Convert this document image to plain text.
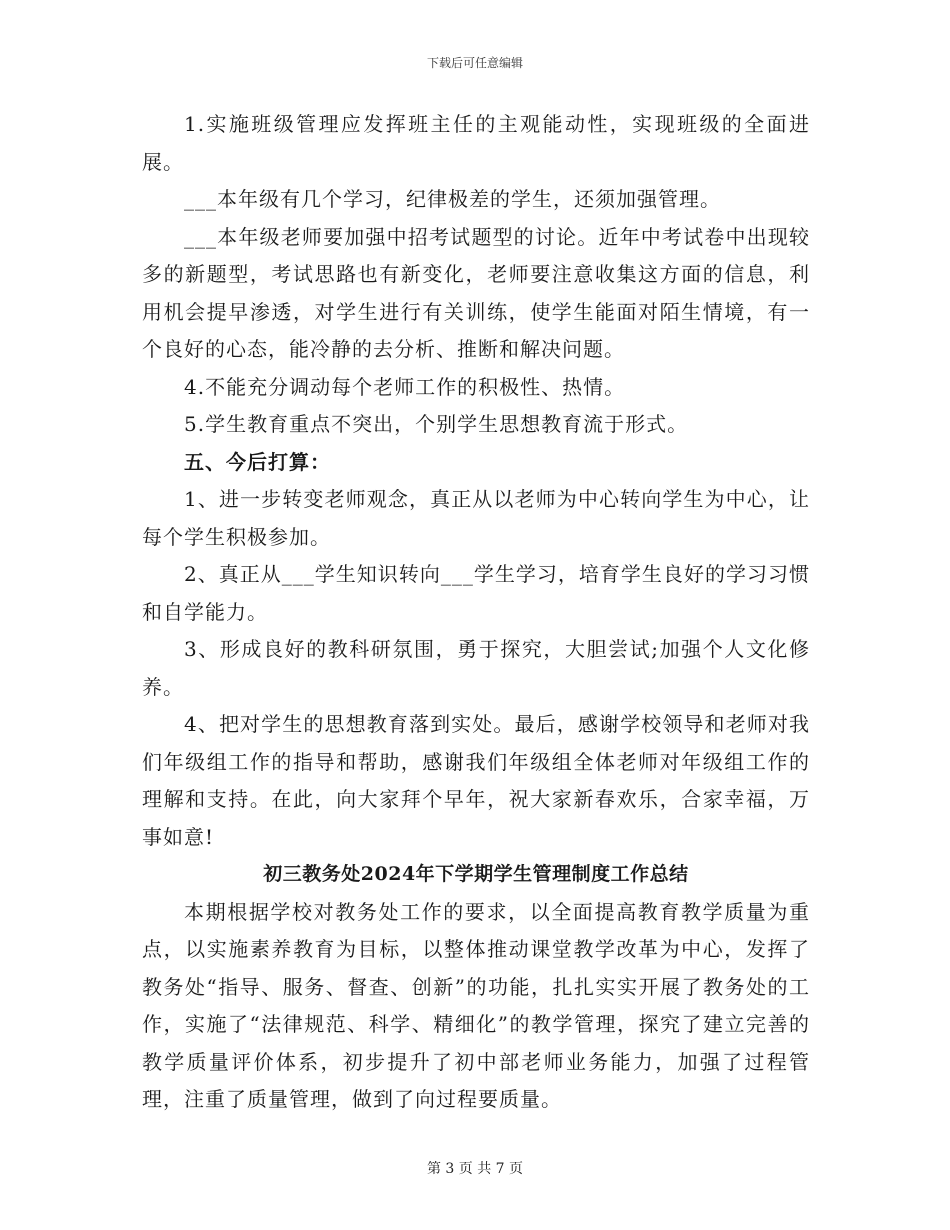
下载后可任意编辑

1.实施班级管理应发挥班主任的主观能动性，实现班级的全面进展。

___本年级有几个学习，纪律极差的学生，还须加强管理。

___本年级老师要加强中招考试题型的讨论。近年中考试卷中出现较多的新题型，考试思路也有新变化，老师要注意收集这方面的信息，利用机会提早渗透，对学生进行有关训练，使学生能面对陌生情境，有一个良好的心态，能冷静的去分析、推断和解决问题。

4.不能充分调动每个老师工作的积极性、热情。

5.学生教育重点不突出，个别学生思想教育流于形式。

五、今后打算：

1、进一步转变老师观念，真正从以老师为中心转向学生为中心，让每个学生积极参加。

2、真正从___学生知识转向___学生学习，培育学生良好的学习习惯和自学能力。

3、形成良好的教科研氛围，勇于探究，大胆尝试;加强个人文化修养。

4、把对学生的思想教育落到实处。最后，感谢学校领导和老师对我们年级组工作的指导和帮助，感谢我们年级组全体老师对年级组工作的理解和支持。在此，向大家拜个早年，祝大家新春欢乐，合家幸福，万事如意!

初三教务处2024年下学期学生管理制度工作总结

本期根据学校对教务处工作的要求，以全面提高教育教学质量为重点，以实施素养教育为目标，以整体推动课堂教学改革为中心，发挥了教务处“指导、服务、督查、创新”的功能，扎扎实实开展了教务处的工作，实施了“法律规范、科学、精细化”的教学管理，探究了建立完善的教学质量评价体系，初步提升了初中部老师业务能力，加强了过程管理，注重了质量管理，做到了向过程要质量。

第 3 页 共 7 页
